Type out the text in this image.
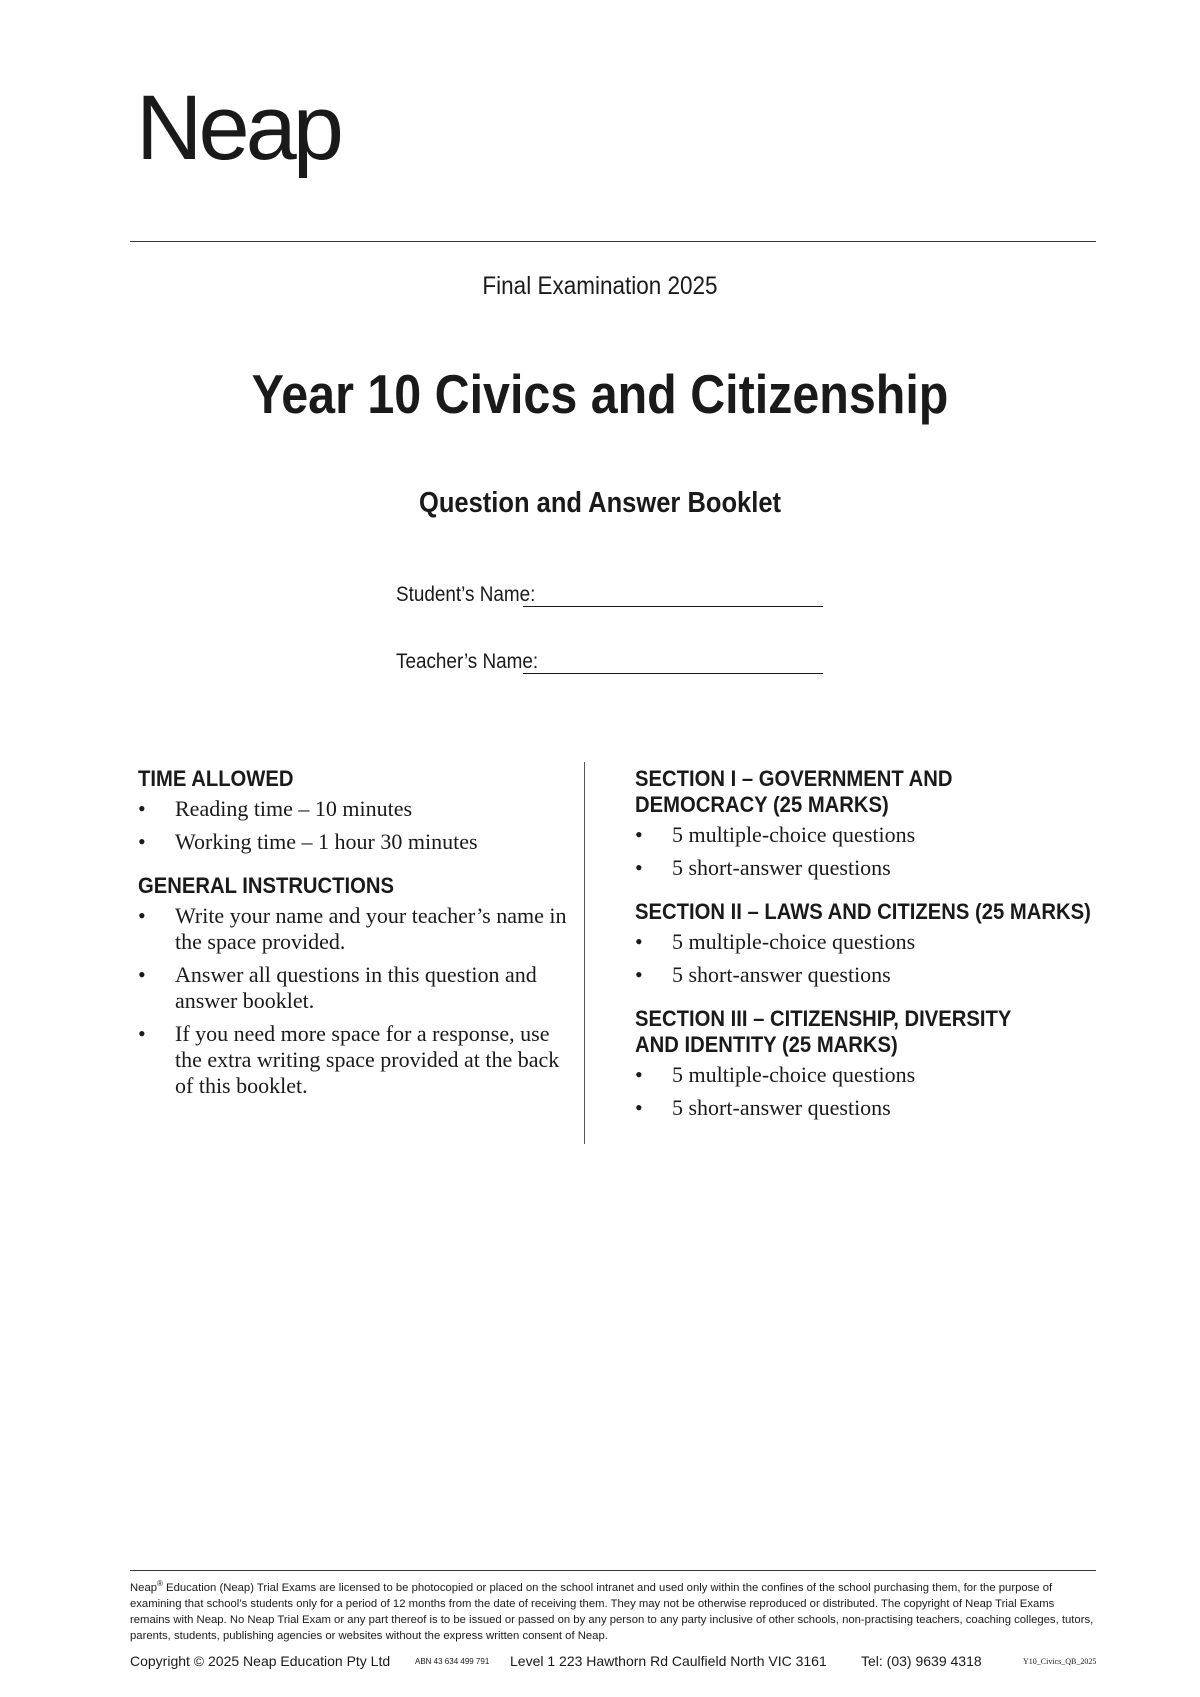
Neap
Final Examination 2025
Year 10 Civics and Citizenship
Question and Answer Booklet
Student’s Name:
Teacher’s Name:
TIME ALLOWED
• Reading time – 10 minutes
• Working time – 1 hour 30 minutes
GENERAL INSTRUCTIONS
• Write your name and your teacher’s name in the space provided.
• Answer all questions in this question and answer booklet.
• If you need more space for a response, use the extra writing space provided at the back of this booklet.
SECTION I – GOVERNMENT AND DEMOCRACY (25 MARKS)
• 5 multiple-choice questions
• 5 short-answer questions
SECTION II – LAWS AND CITIZENS (25 MARKS)
• 5 multiple-choice questions
• 5 short-answer questions
SECTION III – CITIZENSHIP, DIVERSITY AND IDENTITY (25 MARKS)
• 5 multiple-choice questions
• 5 short-answer questions
Neap® Education (Neap) Trial Exams are licensed to be photocopied or placed on the school intranet and used only within the confines of the school purchasing them, for the purpose of examining that school’s students only for a period of 12 months from the date of receiving them. They may not be otherwise reproduced or distributed. The copyright of Neap Trial Exams remains with Neap. No Neap Trial Exam or any part thereof is to be issued or passed on by any person to any party inclusive of other schools, non-practising teachers, coaching colleges, tutors, parents, students, publishing agencies or websites without the express written consent of Neap.
Copyright © 2025 Neap Education Pty Ltd	ABN 43 634 499 791 Level 1 223 Hawthorn Rd Caulfield North VIC 3161 Tel: (03) 9639 4318	Y10_Civics_QB_2025
